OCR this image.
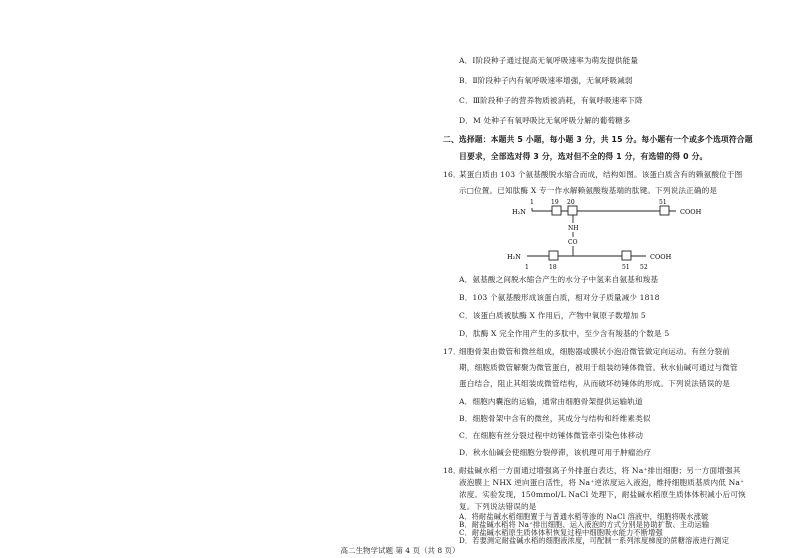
A．Ⅰ阶段种子通过提高无氧呼吸速率为萌发提供能量
B．Ⅱ阶段种子内有氧呼吸速率增强，无氧呼吸减弱
C．Ⅲ阶段种子的营养物质被消耗，有氧呼吸速率下降
D．M 处种子有氧呼吸比无氧呼吸分解的葡萄糖多
二、选择题：本题共 5 小题，每小题 3 分，共 15 分。每小题有一个或多个选项符合题
目要求，全部选对得 3 分，选对但不全的得 1 分，有选错的得 0 分。
16．
某蛋白质由 103 个氨基酸脱水缩合而成，结构如图。该蛋白质含有的赖氨酸位于图
示□位置。已知肽酶 X 专一作水解赖氨酸羧基端的肽键。下列说法正确的是
H₂N	COOH
1	19 20	51
NH
CO
H₂N	COOH
1	18	51 52
A．氨基酸之间脱水缩合产生的水分子中氢来自氨基和羧基
B．103 个氨基酸形成该蛋白质，相对分子质量减少 1818
C．该蛋白质被肽酶 X 作用后，产物中氧原子数增加 5
D．肽酶 X 完全作用产生的多肽中，至少含有羧基的个数是 5
17．
细胞骨架由微管和微丝组成，细胞器或膜状小泡沿微管做定向运动。有丝分裂前
期，细胞质微管解聚为微管蛋白，被用于组装纺锤体微管。秋水仙碱可通过与微管
蛋白结合，阻止其组装成微管结构，从而破坏纺锤体的形成。下列说法错误的是
A．细胞内囊泡的运输，通常由细胞骨架提供运输轨道
B．细胞骨架中含有的微丝，其成分与结构和纤维素类似
C．在细胞有丝分裂过程中纺锤体微管牵引染色体移动
D．秋水仙碱会使细胞分裂停滞，该机理可用于肿瘤治疗
18．
耐盐碱水稻一方面通过增强离子外排蛋白表达，将 Na⁺排出细胞；另一方面增强其
液泡膜上 NHX 逆向蛋白活性，将 Na⁺逆浓度运入液泡，维持细胞质基质内低 Na⁺
浓度。实验发现，150mmol/L NaCl 处理下，耐盐碱水稻原生质体体积减小后可恢
复。下列说法错误的是
A．将耐盐碱水稻细胞置于与普通水稻等渗的 NaCl 溶液中，细胞将吸水涨破
B．耐盐碱水稻将 Na⁺排出细胞、运入液泡的方式分别是协助扩散、主动运输
C．耐盐碱水稻原生质体体积恢复过程中细胞吸水能力不断增强
D．若要测定耐盐碱水稻的细胞液浓度，可配制一系列浓度梯度的蔗糖溶液进行测定
高二生物学试题 第 4 页（共 8 页）
